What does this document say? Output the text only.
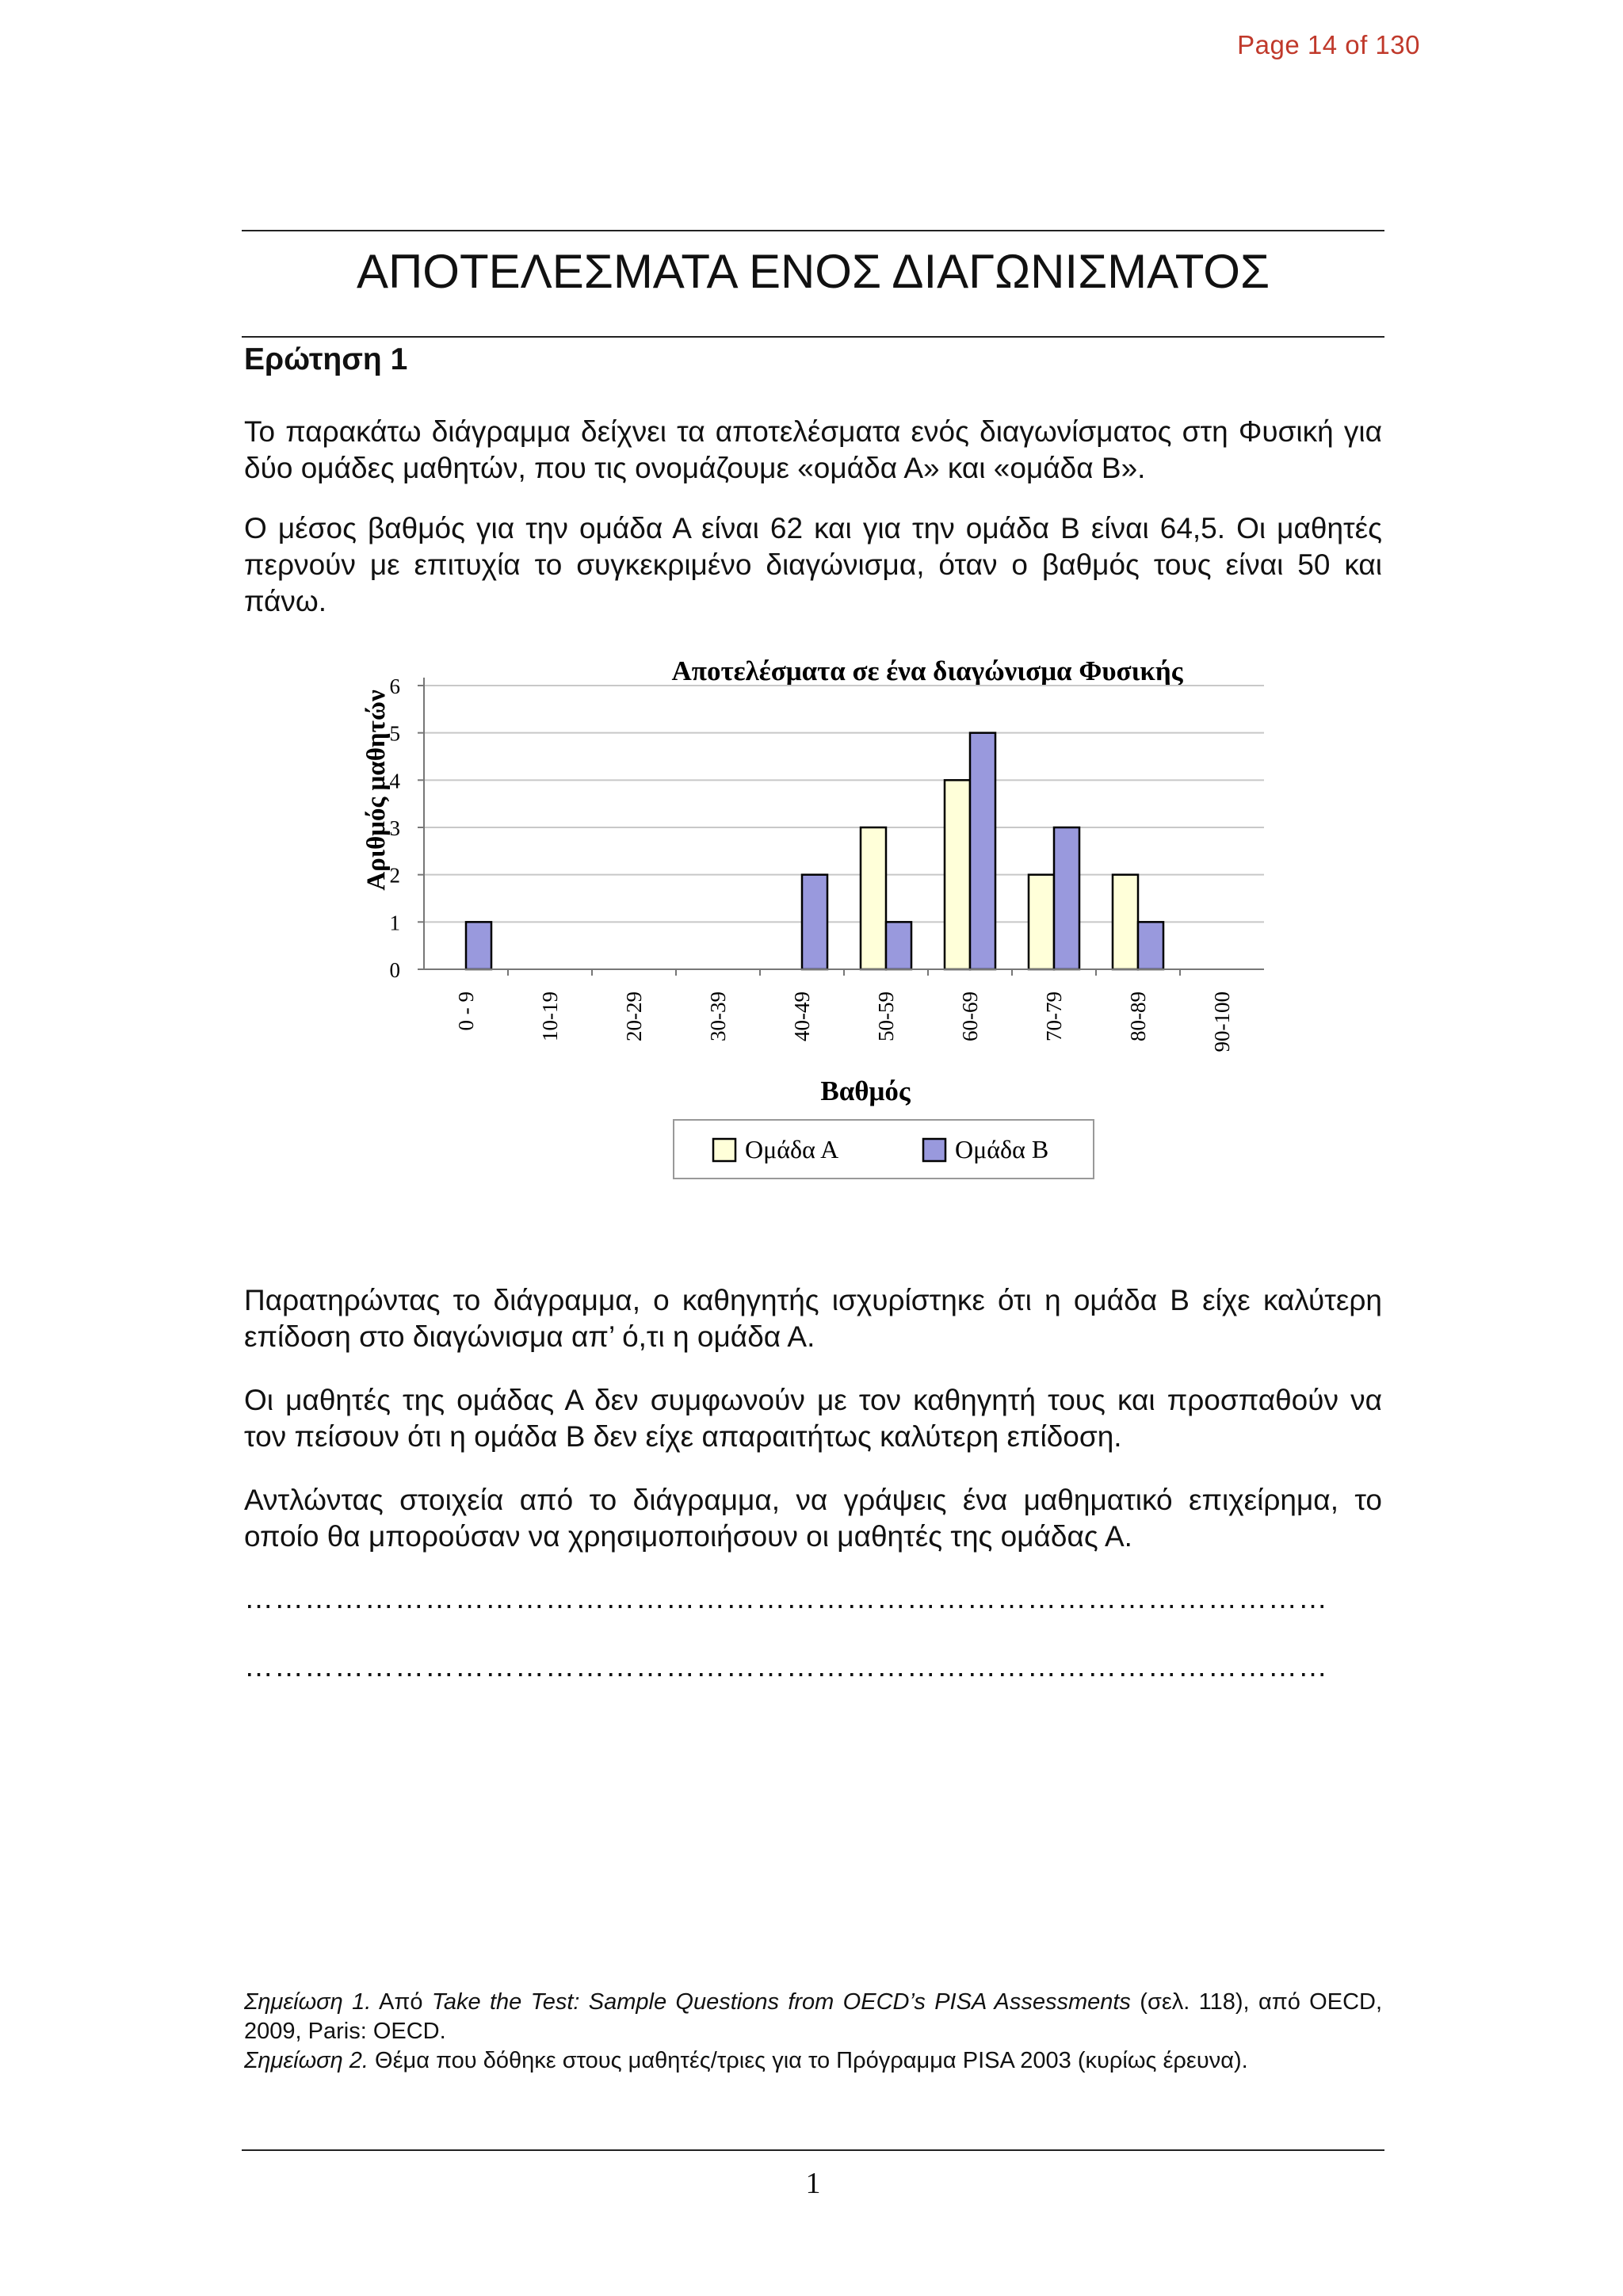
Page 14 of 130
ΑΠΟΤΕΛΕΣΜΑΤΑ ΕΝΟΣ ΔΙΑΓΩΝΙΣΜΑΤΟΣ
Ερώτηση 1

Το παρακάτω διάγραμμα δείχνει τα αποτελέσματα ενός διαγωνίσματος στη Φυσική για δύο ομάδες μαθητών, που τις ονομάζουμε «ομάδα Α» και «ομάδα Β».

Ο μέσος βαθμός για την ομάδα Α είναι 62 και για την ομάδα Β είναι 64,5. Οι μαθητές περνούν με επιτυχία το συγκεκριμένο διαγώνισμα, όταν ο βαθμός τους είναι 50 και πάνω.

Αποτελέσματα σε ένα διαγώνισμα Φυσικής
Αριθμός μαθητών
Βαθμός
0
1
2
3
4
5
6
0 - 9	10-19	20-29	30-39	40-49	50-59	60-69	70-79	80-89	90-100
Ομάδα Α	Ομάδα Β

Παρατηρώντας το διάγραμμα, ο καθηγητής ισχυρίστηκε ότι η ομάδα Β είχε καλύτερη επίδοση στο διαγώνισμα απ’ ό,τι η ομάδα Α.

Οι μαθητές της ομάδας Α δεν συμφωνούν με τον καθηγητή τους και προσπαθούν να τον πείσουν ότι η ομάδα Β δεν είχε απαραιτήτως καλύτερη επίδοση.

Αντλώντας στοιχεία από το διάγραμμα, να γράψεις ένα μαθηματικό επιχείρημα, το οποίο θα μπορούσαν να χρησιμοποιήσουν οι μαθητές της ομάδας Α.

………………………………………………………………………………………………
………………………………………………………………………………………………

Σημείωση 1. Από Take the Test: Sample Questions from OECD’s PISA Assessments (σελ. 118), από OECD, 2009, Paris: OECD.

Σημείωση 2. Θέμα που δόθηκε στους μαθητές/τριες για το Πρόγραμμα PISA 2003 (κυρίως έρευνα).

1
